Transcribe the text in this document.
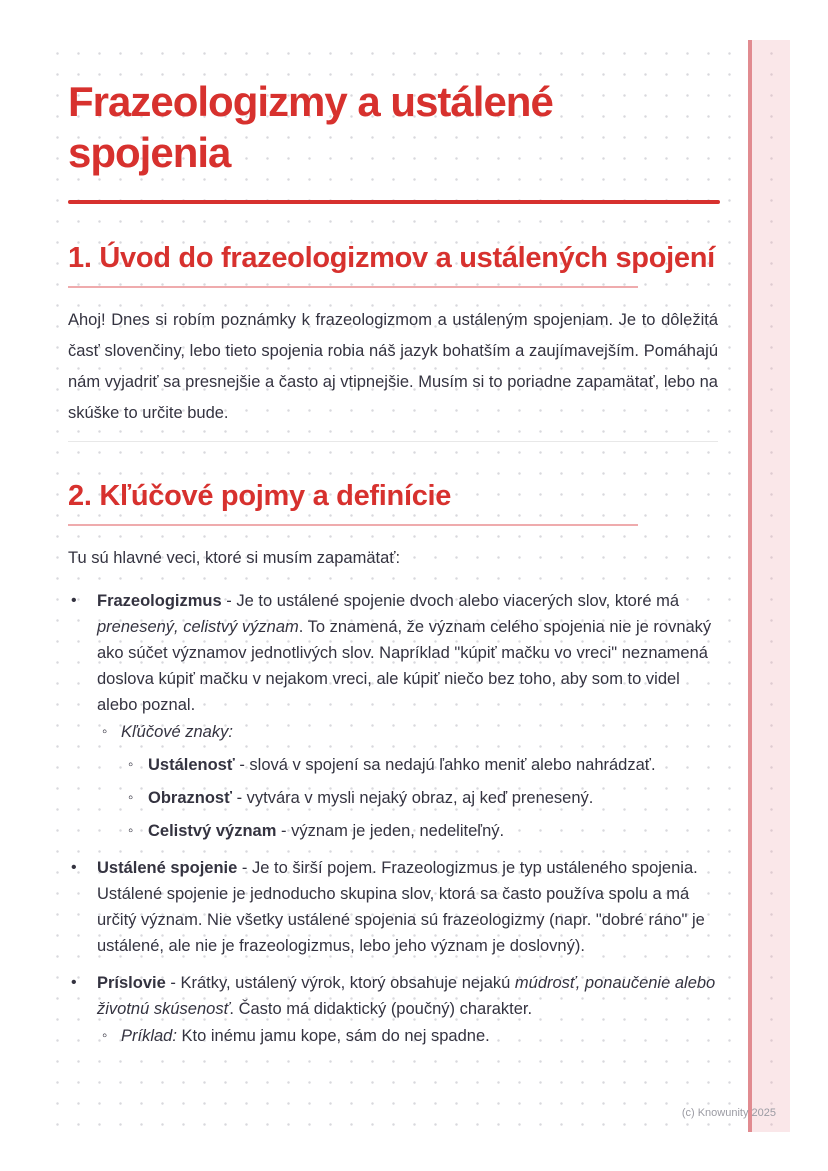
Frazeologizmy a ustálené spojenia
1. Úvod do frazeologizmov a ustálených spojení

Ahoj! Dnes si robím poznámky k frazeologizmom a ustáleným spojeniam. Je to dôležitá časť slovenčiny, lebo tieto spojenia robia náš jazyk bohatším a zaujímavejším. Pomáhajú nám vyjadriť sa presnejšie a často aj vtipnejšie. Musím si to poriadne zapamätať, lebo na skúške to určite bude.

2. Kľúčové pojmy a definície

Tu sú hlavné veci, ktoré si musím zapamätať:

• Frazeologizmus - Je to ustálené spojenie dvoch alebo viacerých slov, ktoré má prenesený, celistvý význam. To znamená, že význam celého spojenia nie je rovnaký ako súčet významov jednotlivých slov. Napríklad "kúpiť mačku vo vreci" neznamená doslova kúpiť mačku v nejakom vreci, ale kúpiť niečo bez toho, aby som to videl alebo poznal.
◦ Kľúčové znaky:
◦ Ustálenosť - slová v spojení sa nedajú ľahko meniť alebo nahrádzať.
◦ Obraznosť - vytvára v mysli nejaký obraz, aj keď prenesený.
◦ Celistvý význam - význam je jeden, nedeliteľný.
• Ustálené spojenie - Je to širší pojem. Frazeologizmus je typ ustáleného spojenia. Ustálené spojenie je jednoducho skupina slov, ktorá sa často používa spolu a má určitý význam. Nie všetky ustálené spojenia sú frazeologizmy (napr. "dobré ráno" je ustálené, ale nie je frazeologizmus, lebo jeho význam je doslovný).
• Príslovie - Krátky, ustálený výrok, ktorý obsahuje nejakú múdrosť, ponaučenie alebo životnú skúsenosť. Často má didaktický (poučný) charakter.
◦ Príklad: Kto inému jamu kope, sám do nej spadne.
(c) Knowunity 2025
